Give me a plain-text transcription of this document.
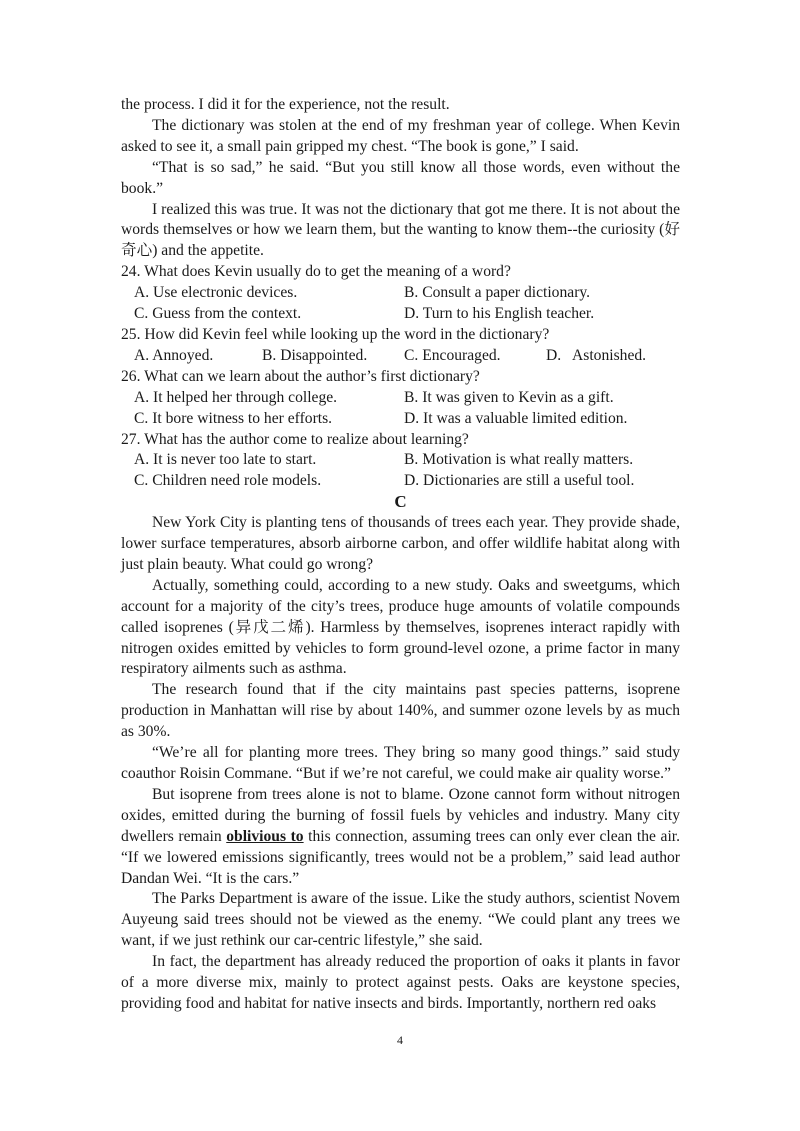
the process. I did it for the experience, not the result.

The dictionary was stolen at the end of my freshman year of college. When Kevin asked to see it, a small pain gripped my chest. “The book is gone,” I said.

“That is so sad,” he said. “But you still know all those words, even without the book.”

I realized this was true. It was not the dictionary that got me there. It is not about the words themselves or how we learn them, but the wanting to know them--the curiosity (好奇心) and the appetite.

24. What does Kevin usually do to get the meaning of a word?

A. Use electronic devices.	B. Consult a paper dictionary.
C. Guess from the context.	D. Turn to his English teacher.

25. How did Kevin feel while looking up the word in the dictionary?

A. Annoyed.	B. Disappointed.	C. Encouraged.	D.   Astonished.

26. What can we learn about the author’s first dictionary?

A. It helped her through college.	B. It was given to Kevin as a gift.
C. It bore witness to her efforts.	D. It was a valuable limited edition.

27. What has the author come to realize about learning?

A. It is never too late to start.	B. Motivation is what really matters.
C. Children need role models.	D. Dictionaries are still a useful tool.

C

New York City is planting tens of thousands of trees each year. They provide shade, lower surface temperatures, absorb airborne carbon, and offer wildlife habitat along with just plain beauty. What could go wrong?

Actually, something could, according to a new study. Oaks and sweetgums, which account for a majority of the city’s trees, produce huge amounts of volatile compounds called isoprenes (异戊二烯). Harmless by themselves, isoprenes interact rapidly with nitrogen oxides emitted by vehicles to form ground-level ozone, a prime factor in many respiratory ailments such as asthma.

The research found that if the city maintains past species patterns, isoprene production in Manhattan will rise by about 140%, and summer ozone levels by as much as 30%.

“We’re all for planting more trees. They bring so many good things.” said study coauthor Roisin Commane. “But if we’re not careful, we could make air quality worse.”

But isoprene from trees alone is not to blame. Ozone cannot form without nitrogen oxides, emitted during the burning of fossil fuels by vehicles and industry. Many city dwellers remain oblivious to this connection, assuming trees can only ever clean the air. “If we lowered emissions significantly, trees would not be a problem,” said lead author Dandan Wei. “It is the cars.”

The Parks Department is aware of the issue. Like the study authors, scientist Novem Auyeung said trees should not be viewed as the enemy. “We could plant any trees we want, if we just rethink our car-centric lifestyle,” she said.

In fact, the department has already reduced the proportion of oaks it plants in favor of a more diverse mix, mainly to protect against pests. Oaks are keystone species, providing food and habitat for native insects and birds. Importantly, northern red oaks

4
